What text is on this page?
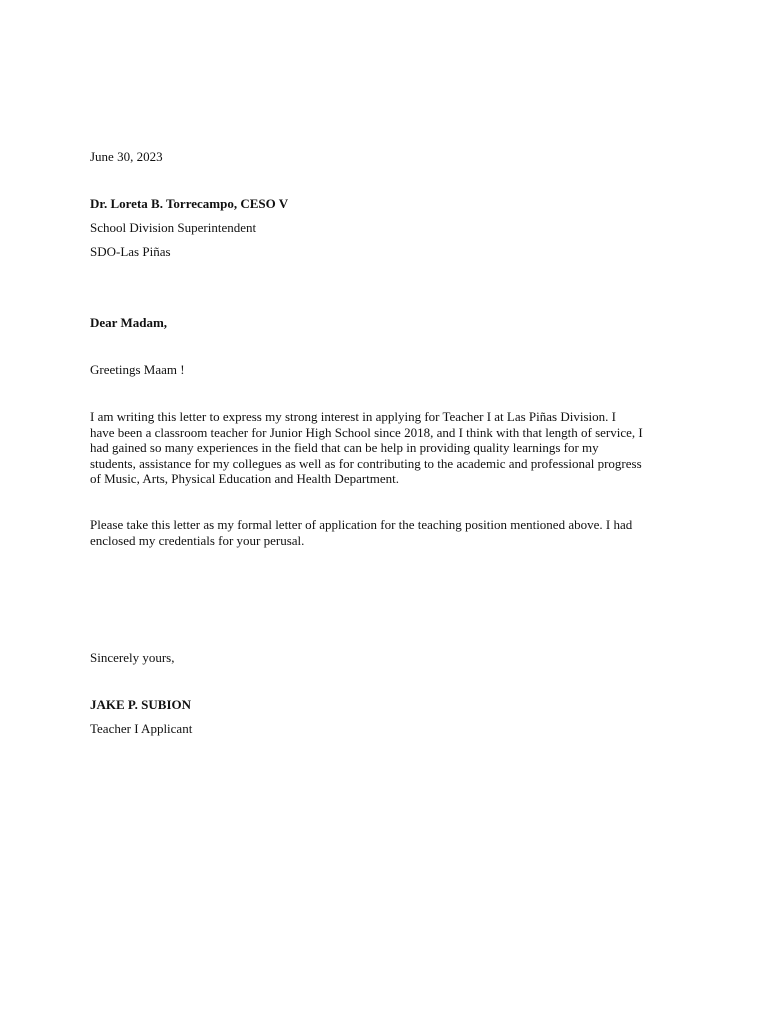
June 30, 2023
Dr. Loreta B. Torrecampo, CESO V
School Division Superintendent
SDO-Las Piñas
Dear Madam,
Greetings Maam !
I am writing this letter to express my strong interest in applying for Teacher I at Las Piñas Division. I
have been a classroom teacher for Junior High School since 2018, and I think with that length of service, I
had gained so many experiences in the field that can be help in providing quality learnings for my
students, assistance for my collegues as well as for contributing to the academic and professional progress
of Music, Arts, Physical Education and Health Department.
Please take this letter as my formal letter of application for the teaching position mentioned above. I had
enclosed my credentials for your perusal.
Sincerely yours,
JAKE P. SUBION
Teacher I Applicant
